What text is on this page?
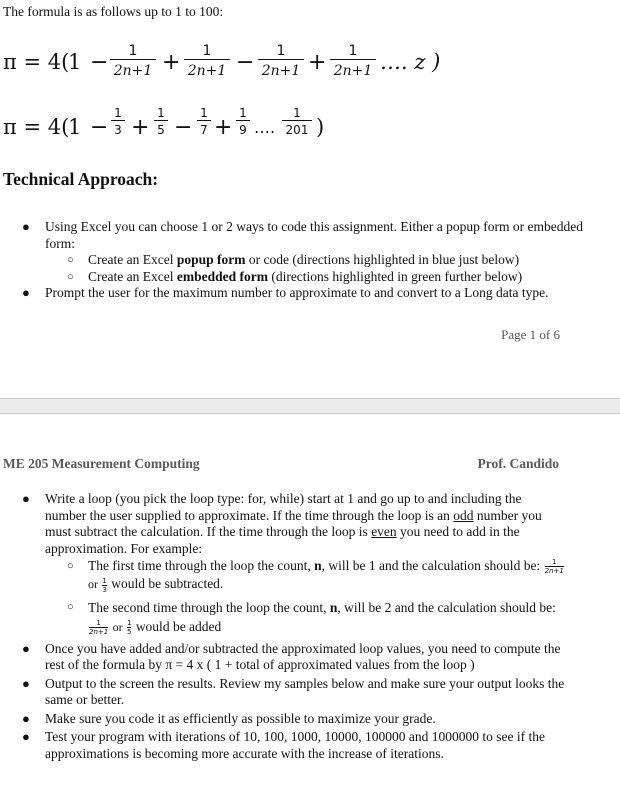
The formula is as follows up to 1 to 100:
π = 4(
1 −	1
2n+1 +	1
2n+1 −	1
2n+1 +	1
2n+1 …. z )
π = 4(
1 −
1
3 +
1
5 −
1
7 +
1
9 ….
1
201 )
Technical Approach:
● Using Excel you can choose 1 or 2 ways to code this assignment. Either a popup form or embedded form:
○ Create an Excel popup form or code (directions highlighted in blue just below)
○ Create an Excel embedded form (directions highlighted in green further below)
● Prompt the user for the maximum number to approximate to and convert to a Long data type.
Page 1 of 6
ME 205 Measurement Computing	Prof. Candido
● Write a loop (you pick the loop type: for, while) start at 1 and go up to and including the number the user supplied to approximate. If the time through the loop is an odd number you must subtract the calculation. If the time through the loop is even you need to add in the approximation. For example:
○ The first time through the loop the count, n, will be 1 and the calculation should be: $\frac{1}{2n+1}$ or $\frac{1}{3}$ would be subtracted.
○ The second time through the loop the count, n, will be 2 and the calculation should be: $\frac{1}{2n+1}$ or $\frac{1}{5}$ would be added
● Once you have added and/or subtracted the approximated loop values, you need to compute the rest of the formula by π = 4 x ( 1 + total of approximated values from the loop )
● Output to the screen the results. Review my samples below and make sure your output looks the same or better.
● Make sure you code it as efficiently as possible to maximize your grade.
● Test your program with iterations of 10, 100, 1000, 10000, 100000 and 1000000 to see if the approximations is becoming more accurate with the increase of iterations.
